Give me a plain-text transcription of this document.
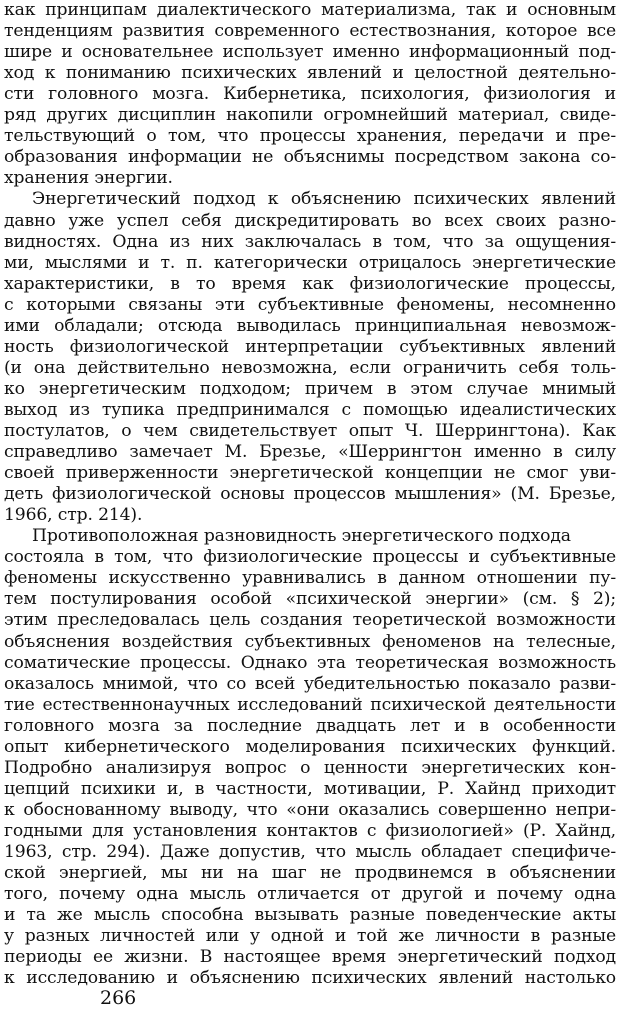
как принципам диалектического материализма, так и основным
тенденциям развития современного естествознания, которое все
шире и основательнее использует именно информационный под-
ход к пониманию психических явлений и целостной деятельно-
сти головного мозга. Кибернетика, психология, физиология и
ряд других дисциплин накопили огромнейший материал, свиде-
тельствующий о том, что процессы хранения, передачи и пре-
образования информации не объяснимы посредством закона со-
хранения энергии.
Энергетический подход к объяснению психических явлений
давно уже успел себя дискредитировать во всех своих разно-
видностях. Одна из них заключалась в том, что за ощущения-
ми, мыслями и т. п. категорически отрицалось энергетические
характеристики, в то время как физиологические процессы,
с которыми связаны эти субъективные феномены, несомненно
ими обладали; отсюда выводилась принципиальная невозмож-
ность физиологической интерпретации субъективных явлений
(и она действительно невозможна, если ограничить себя толь-
ко энергетическим подходом; причем в этом случае мнимый
выход из тупика предпринимался с помощью идеалистических
постулатов, о чем свидетельствует опыт Ч. Шеррингтона). Как
справедливо замечает М. Брезье, «Шеррингтон именно в силу
своей приверженности энергетической концепции не смог уви-
деть физиологической основы процессов мышления» (М. Брезье,
1966, стр. 214).
Противоположная разновидность энергетического подхода
состояла в том, что физиологические процессы и субъективные
феномены искусственно уравнивались в данном отношении пу-
тем постулирования особой «психической энергии» (см. § 2);
этим преследовалась цель создания теоретической возможности
объяснения воздействия субъективных феноменов на телесные,
соматические процессы. Однако эта теоретическая возможность
оказалось мнимой, что со всей убедительностью показало разви-
тие естественнонаучных исследований психической деятельности
головного мозга за последние двадцать лет и в особенности
опыт кибернетического моделирования психических функций.
Подробно анализируя вопрос о ценности энергетических кон-
цепций психики и, в частности, мотивации, Р. Хайнд приходит
к обоснованному выводу, что «они оказались совершенно непри-
годными для установления контактов с физиологией» (Р. Хайнд,
1963, стр. 294). Даже допустив, что мысль обладает специфиче-
ской энергией, мы ни на шаг не продвинемся в объяснении
того, почему одна мысль отличается от другой и почему одна
и та же мысль способна вызывать разные поведенческие акты
у разных личностей или у одной и той же личности в разные
периоды ее жизни. В настоящее время энергетический подход
к исследованию и объяснению психических явлений настолько
266
